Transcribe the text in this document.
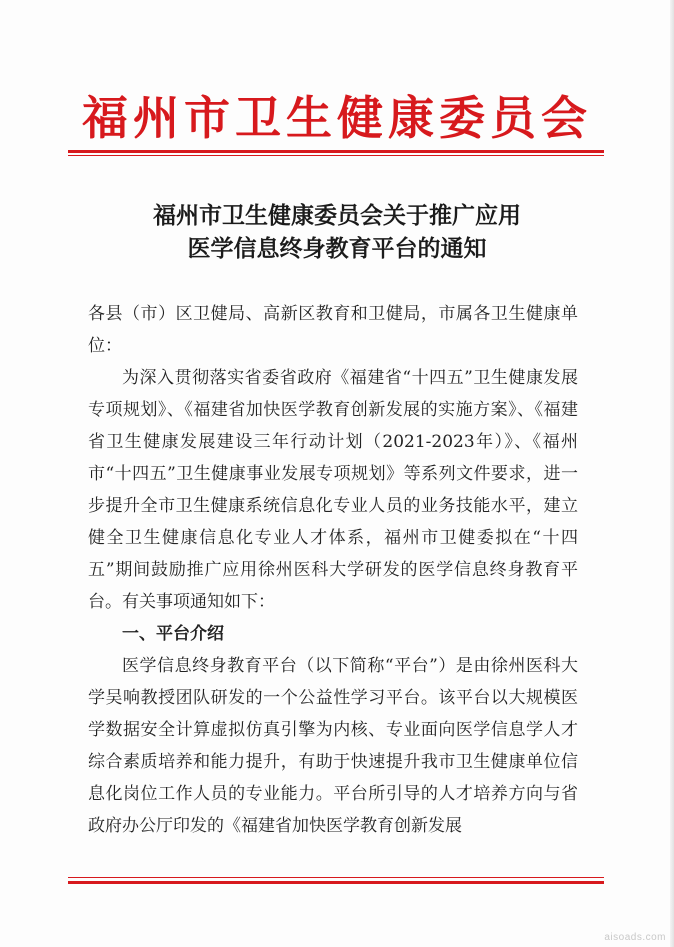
福州市卫生健康委员会
福州市卫生健康委员会关于推广应用
医学信息终身教育平台的通知

各县（市）区卫健局、高新区教育和卫健局，市属各卫生健康单位：

为深入贯彻落实省委省政府《福建省“十四五”卫生健康发展专项规划》、《福建省加快医学教育创新发展的实施方案》、《福建省卫生健康发展建设三年行动计划（2021-2023年）》、《福州市“十四五”卫生健康事业发展专项规划》等系列文件要求，进一步提升全市卫生健康系统信息化专业人员的业务技能水平，建立健全卫生健康信息化专业人才体系，福州市卫健委拟在“十四五”期间鼓励推广应用徐州医科大学研发的医学信息终身教育平台。有关事项通知如下：

一、平台介绍

医学信息终身教育平台（以下简称“平台”）是由徐州医科大学吴响教授团队研发的一个公益性学习平台。该平台以大规模医学数据安全计算虚拟仿真引擎为内核、专业面向医学信息学人才综合素质培养和能力提升，有助于快速提升我市卫生健康单位信息化岗位工作人员的专业能力。平台所引导的人才培养方向与省政府办公厅印发的《福建省加快医学教育创新发展

aisoads.com
